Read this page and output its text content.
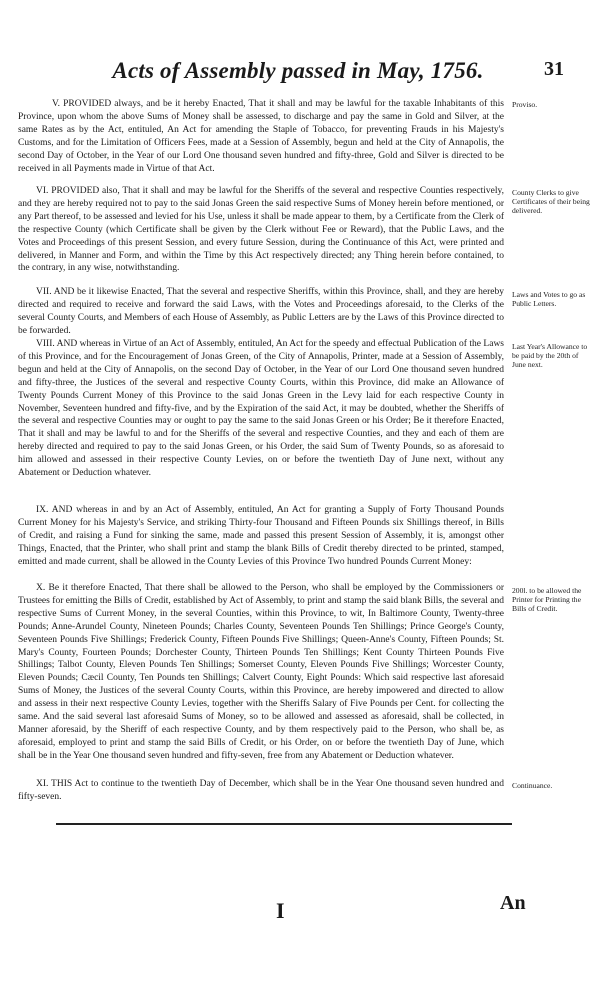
Acts of Assembly passed in May, 1756.	31

V. PROVIDED always, and be it hereby Enacted, That it shall and may be lawful for the taxable Inhabitants of this Province, upon whom the above Sums of Money shall be assessed, to discharge and pay the same in Gold and Silver, at the same Rates as by the Act, entituled, An Act for amending the Staple of Tobacco, for preventing Frauds in his Majesty's Customs, and for the Limitation of Officers Fees, made at a Session of Assembly, begun and held at the City of Annapolis, the second Day of October, in the Year of our Lord One thousand seven hundred and fifty-three, Gold and Silver is directed to be received in all Payments made in Virtue of that Act.

VI. PROVIDED also, That it shall and may be lawful for the Sheriffs of the several and respective Counties respectively, and they are hereby required not to pay to the said Jonas Green the said respective Sums of Money herein before mentioned, or any Part thereof, to be assessed and levied for his Use, unless it shall be made appear to them, by a Certificate from the Clerk of the respective County (which Certificate shall be given by the Clerk without Fee or Reward), that the Public Laws, and the Votes and Proceedings of this present Session, and every future Session, during the Continuance of this Act, were printed and delivered, in Manner and Form, and within the Time by this Act respectively directed; any Thing herein before contained, to the contrary, in any wise, notwithstanding.

VII. AND be it likewise Enacted, That the several and respective Sheriffs, within this Province, shall, and they are hereby directed and required to receive and forward the said Laws, with the Votes and Proceedings aforesaid, to the Clerks of the several County Courts, and Members of each House of Assembly, as Public Letters are by the Laws of this Province directed to be forwarded.

VIII. AND whereas in Virtue of an Act of Assembly, entituled, An Act for the speedy and effectual Publication of the Laws of this Province, and for the Encouragement of Jonas Green, of the City of Annapolis, Printer, made at a Session of Assembly, begun and held at the City of Annapolis, on the second Day of October, in the Year of our Lord One thousand seven hundred and fifty-three, the Justices of the several and respective County Courts, within this Province, did make an Allowance of Twenty Pounds Current Money of this Province to the said Jonas Green in the Levy laid for each respective County in November, Seventeen hundred and fifty-five, and by the Expiration of the said Act, it may be doubted, whether the Sheriffs of the several and respective Counties may or ought to pay the same to the said Jonas Green or his Order; Be it therefore Enacted, That it shall and may be lawful to and for the Sheriffs of the several and respective Counties, and they and each of them are hereby directed and required to pay to the said Jonas Green, or his Order, the said Sum of Twenty Pounds, so as aforesaid to him allowed and assessed in their respective County Levies, on or before the twentieth Day of June next, without any Abatement or Deduction whatever.

IX. AND whereas in and by an Act of Assembly, entituled, An Act for granting a Supply of Forty Thousand Pounds Current Money for his Majesty's Service, and striking Thirty-four Thousand and Fifteen Pounds six Shillings thereof, in Bills of Credit, and raising a Fund for sinking the same, made and passed this present Session of Assembly, it is, amongst other Things, Enacted, that the Printer, who shall print and stamp the blank Bills of Credit thereby directed to be printed, stamped, emitted and made current, shall be allowed in the County Levies of this Province Two hundred Pounds Current Money:

X. Be it therefore Enacted, That there shall be allowed to the Person, who shall be employed by the Commissioners or Trustees for emitting the Bills of Credit, established by Act of Assembly, to print and stamp the said blank Bills, the several and respective Sums of Current Money, in the several Counties, within this Province, to wit, In Baltimore County, Twenty-three Pounds; Anne-Arundel County, Nineteen Pounds; Charles County, Seventeen Pounds Ten Shillings; Prince George's County, Seventeen Pounds Five Shillings; Frederick County, Fifteen Pounds Five Shillings; Queen-Anne's County, Fifteen Pounds; St. Mary's County, Fourteen Pounds; Dorchester County, Thirteen Pounds Ten Shillings; Kent County Thirteen Pounds Five Shillings; Talbot County, Eleven Pounds Ten Shillings; Somerset County, Eleven Pounds Five Shillings; Worcester County, Eleven Pounds; Cæcil County, Ten Pounds ten Shillings; Calvert County, Eight Pounds: Which said respective last aforesaid Sums of Money, the Justices of the several County Courts, within this Province, are hereby impowered and directed to allow and assess in their next respective County Levies, together with the Sheriffs Salary of Five Pounds per Cent. for collecting the same. And the said several last aforesaid Sums of Money, so to be allowed and assessed as aforesaid, shall be collected, in Manner aforesaid, by the Sheriff of each respective County, and by them respectively paid to the Person, who shall be, as aforesaid, employed to print and stamp the said Bills of Credit, or his Order, on or before the twentieth Day of June, which shall be in the Year One thousand seven hundred and fifty-seven, free from any Abatement or Deduction whatever.

XI. THIS Act to continue to the twentieth Day of December, which shall be in the Year One thousand seven hundred and fifty-seven.

Proviso.

County Clerks to give Certificates of their being delivered.

Laws and Votes to go as Public Letters.

Last Year's Allowance to be paid by the 20th of June next.

200l. to be allowed the Printer for Printing the Bills of Credit.

Continuance.

I	An
